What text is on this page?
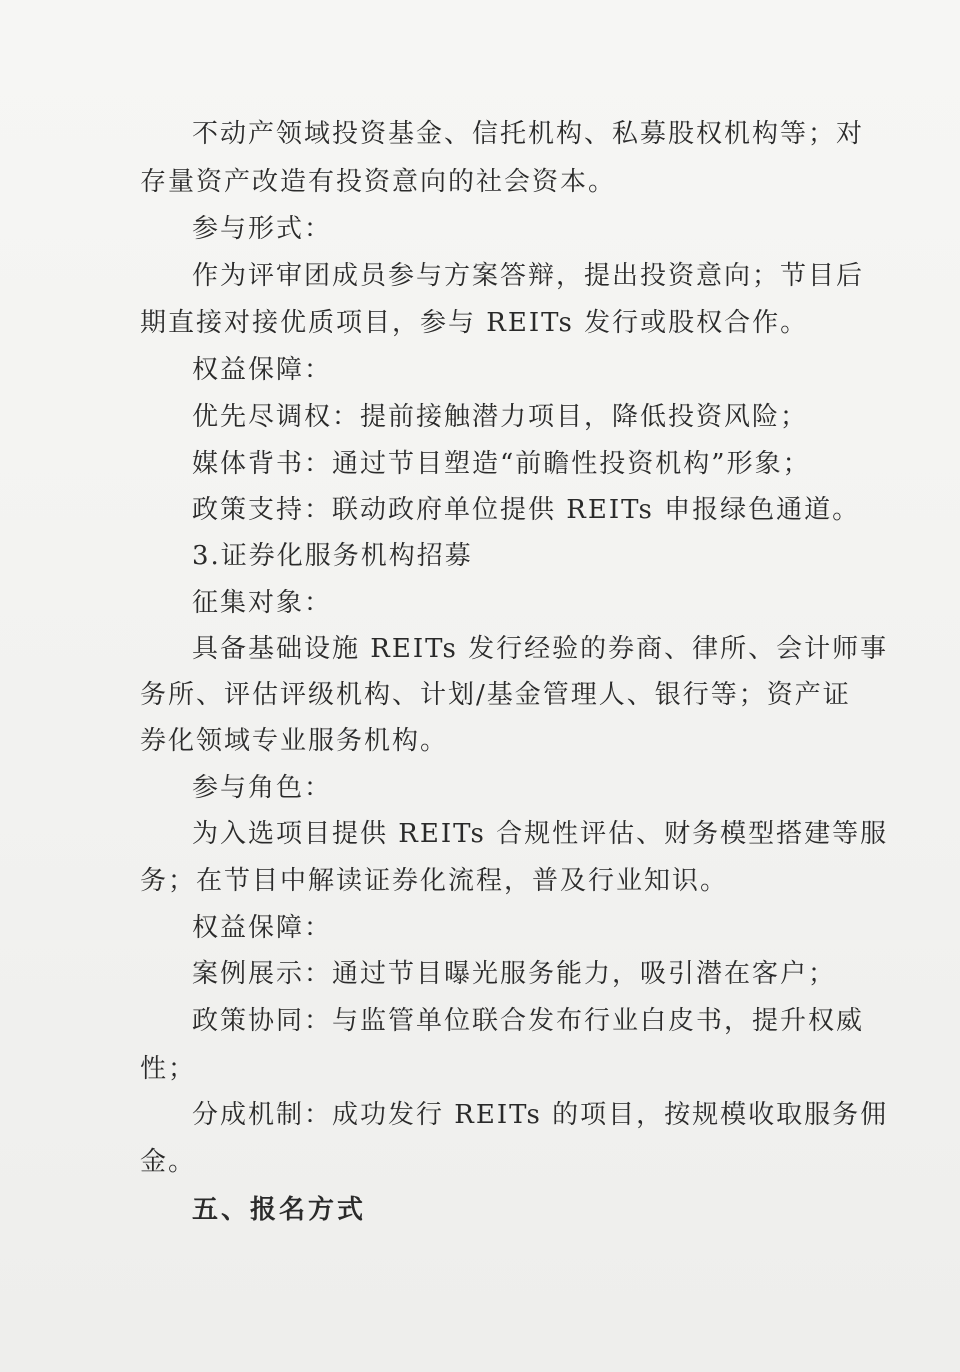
不动产领域投资基金、信托机构、私募股权机构等；对
存量资产改造有投资意向的社会资本。
参与形式：
作为评审团成员参与方案答辩，提出投资意向；节目后
期直接对接优质项目，参与 REITs 发行或股权合作。
权益保障：
优先尽调权：提前接触潜力项目，降低投资风险；
媒体背书：通过节目塑造“前瞻性投资机构”形象；
政策支持：联动政府单位提供 REITs 申报绿色通道。
3.证券化服务机构招募
征集对象：
具备基础设施 REITs 发行经验的券商、律所、会计师事
务所、评估评级机构、计划/基金管理人、银行等；资产证
券化领域专业服务机构。
参与角色：
为入选项目提供 REITs 合规性评估、财务模型搭建等服
务；在节目中解读证券化流程，普及行业知识。
权益保障：
案例展示：通过节目曝光服务能力，吸引潜在客户；
政策协同：与监管单位联合发布行业白皮书，提升权威
性；
分成机制：成功发行 REITs 的项目，按规模收取服务佣
金。
五、报名方式
